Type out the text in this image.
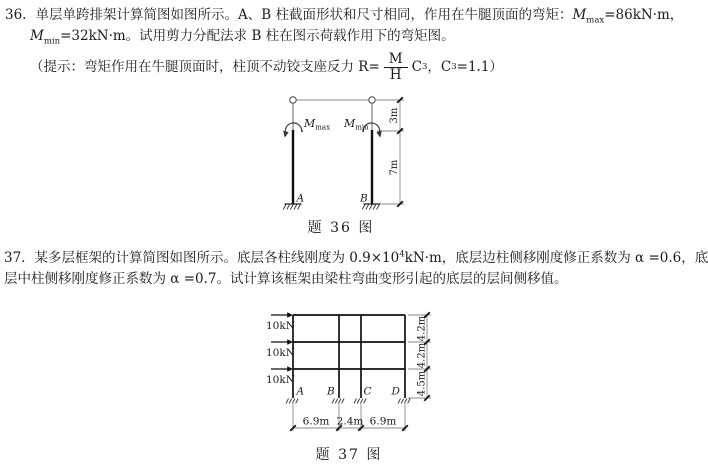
36. 单层单跨排架计算简图如图所示。A、B 柱截面形状和尺寸相同，作用在牛腿顶面的弯矩：$M_{max}=86kN\cdot m$，
$M_{min}=32kN\cdot m$。试用剪力分配法求 B 柱在图示荷载作用下的弯矩图。
（提示：弯矩作用在牛腿顶面时，柱顶不动铰支座反力 $R= \frac{M}{H}$ C 3 ， C 3 =1.1）
$M_{max}$ $M_{min}$
A	B
3m
7m
题 36 图
37. 某多层框架的计算简图如图所示。底层各柱线刚度为 $0.9\times 10^4kN\cdot m$，底层边柱侧移刚度修正系数为 α =0.6，底
层中柱侧移刚度修正系数为 α =0.7。试计算该框架由梁柱弯曲变形引起的底层的层间侧移值。
10kN
10kN
10kN
A B	C D
4.2m
4.2m
4.5m
6.9m 2.4m 6.9m
题 37 图
